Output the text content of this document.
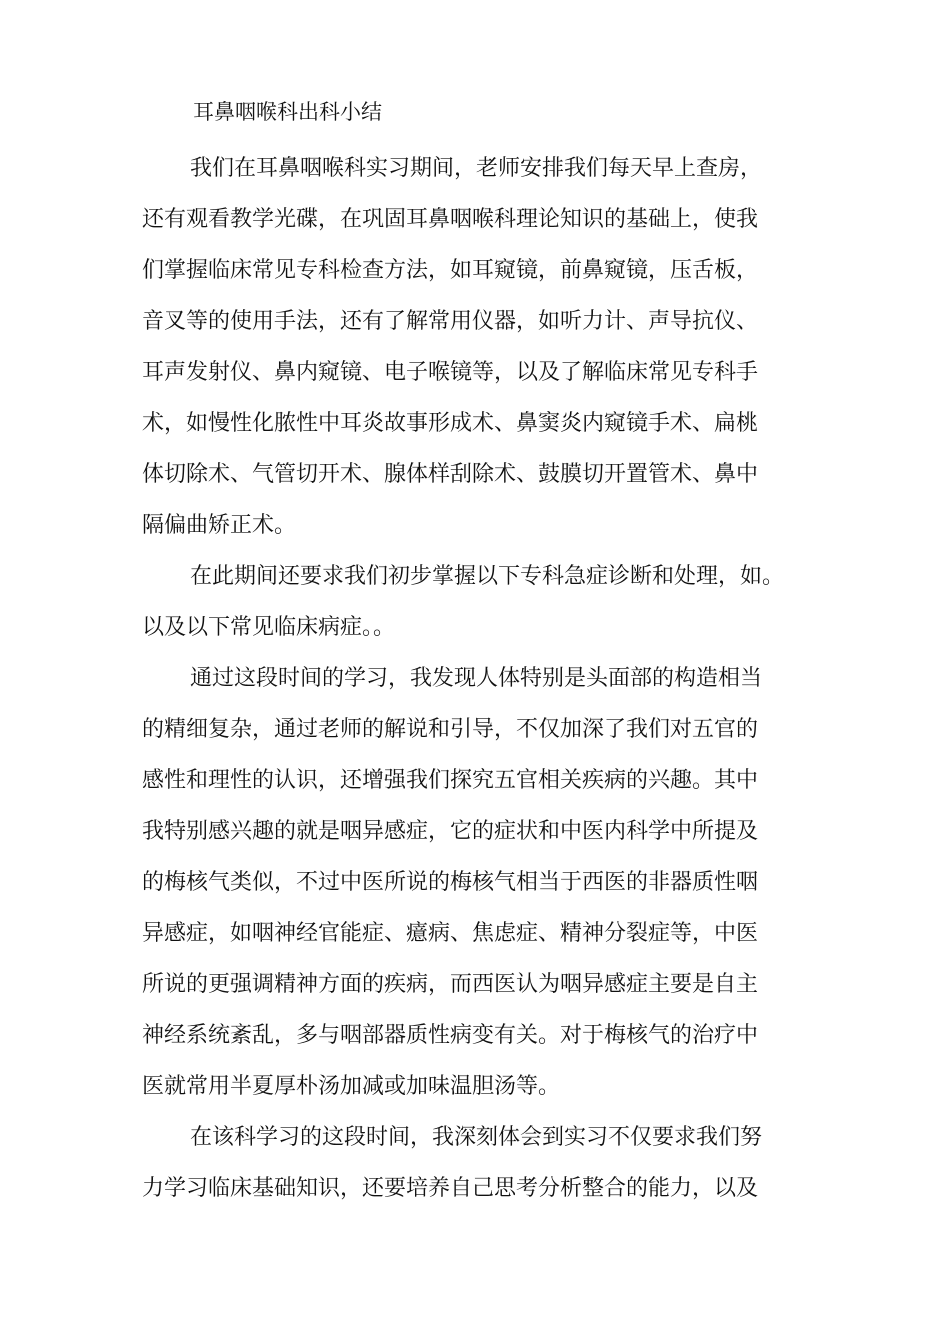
耳鼻咽喉科出科小结
我们在耳鼻咽喉科实习期间，老师安排我们每天早上查房，
还有观看教学光碟，在巩固耳鼻咽喉科理论知识的基础上，使我
们掌握临床常见专科检查方法，如耳窥镜，前鼻窥镜，压舌板，
音叉等的使用手法，还有了解常用仪器，如听力计、声导抗仪、
耳声发射仪、鼻内窥镜、电子喉镜等，以及了解临床常见专科手
术，如慢性化脓性中耳炎故事形成术、鼻窦炎内窥镜手术、扁桃
体切除术、气管切开术、腺体样刮除术、鼓膜切开置管术、鼻中
隔偏曲矫正术。
在此期间还要求我们初步掌握以下专科急症诊断和处理，如。
以及以下常见临床病症。。
通过这段时间的学习，我发现人体特别是头面部的构造相当
的精细复杂，通过老师的解说和引导，不仅加深了我们对五官的
感性和理性的认识，还增强我们探究五官相关疾病的兴趣。其中
我特别感兴趣的就是咽异感症，它的症状和中医内科学中所提及
的梅核气类似，不过中医所说的梅核气相当于西医的非器质性咽
异感症，如咽神经官能症、癔病、焦虑症、精神分裂症等，中医
所说的更强调精神方面的疾病，而西医认为咽异感症主要是自主
神经系统紊乱，多与咽部器质性病变有关。对于梅核气的治疗中
医就常用半夏厚朴汤加减或加味温胆汤等。
在该科学习的这段时间，我深刻体会到实习不仅要求我们努
力学习临床基础知识，还要培养自己思考分析整合的能力，以及
